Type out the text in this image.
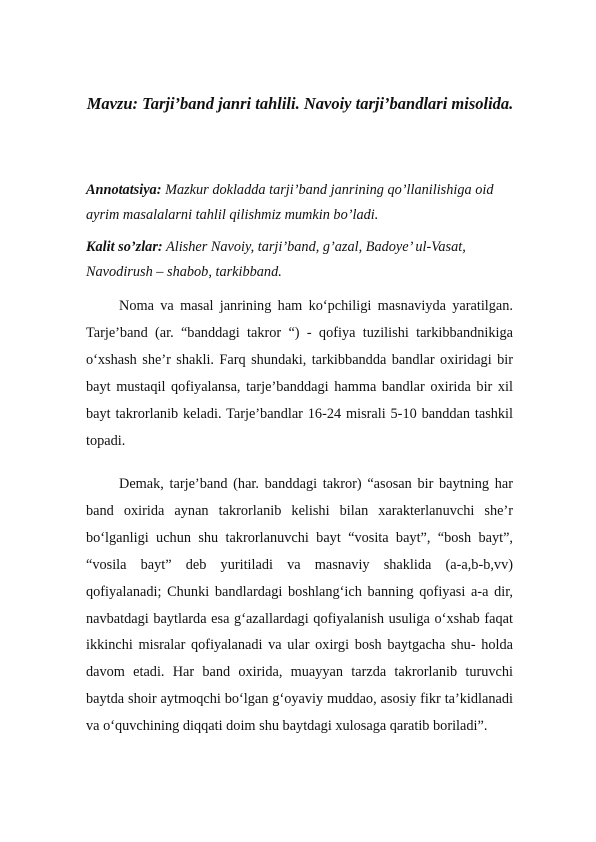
Mavzu: Tarji’band janri tahlili. Navoiy tarji’bandlari misolida.

Annotatsiya: Mazkur dokladda tarji’band janrining qo’llanilishiga oid ayrim masalalarni tahlil qilishmiz mumkin bo’ladi.

Kalit so’zlar: Alisher Navoiy, tarji’band, g’azal, Badoye’ ul-Vasat, Navodirush – shabob, tarkibband.

Noma va masal janrining ham ko‘pchiligi masnaviyda yaratilgan. Tarje’band (ar. “banddagi takror “) - qofiya tuzilishi tarkibbandnikiga o‘xshash she’r shakli. Farq shundaki, tarkibbandda bandlar oxiridagi bir bayt mustaqil qofiyalansa, tarje’banddagi hamma bandlar oxirida bir xil bayt takrorlanib keladi. Tarje’bandlar 16-24 misrali 5-10 banddan tashkil topadi.

Demak, tarje’band (har. banddagi takror) “asosan bir baytning har band oxirida aynan takrorlanib kelishi bilan xarakterlanuvchi she’r bo‘lganligi uchun shu takrorlanuvchi bayt “vosita bayt”, “bosh bayt”, “vosila bayt” deb yuritiladi va masnaviy shaklida (a-a,b-b,vv) qofiyalanadi; Chunki bandlardagi boshlang‘ich banning qofiyasi a-a dir, navbatdagi baytlarda esa g‘azallardagi qofiyalanish usuliga o‘xshab faqat ikkinchi misralar qofiyalanadi va ular oxirgi bosh baytgacha shu- holda davom etadi. Har band oxirida, muayyan tarzda takrorlanib turuvchi baytda shoir aytmoqchi bo‘lgan g‘oyaviy muddao, asosiy fikr ta’kidlanadi va o‘quvchining diqqati doim shu baytdagi xulosaga qaratib boriladi”.
